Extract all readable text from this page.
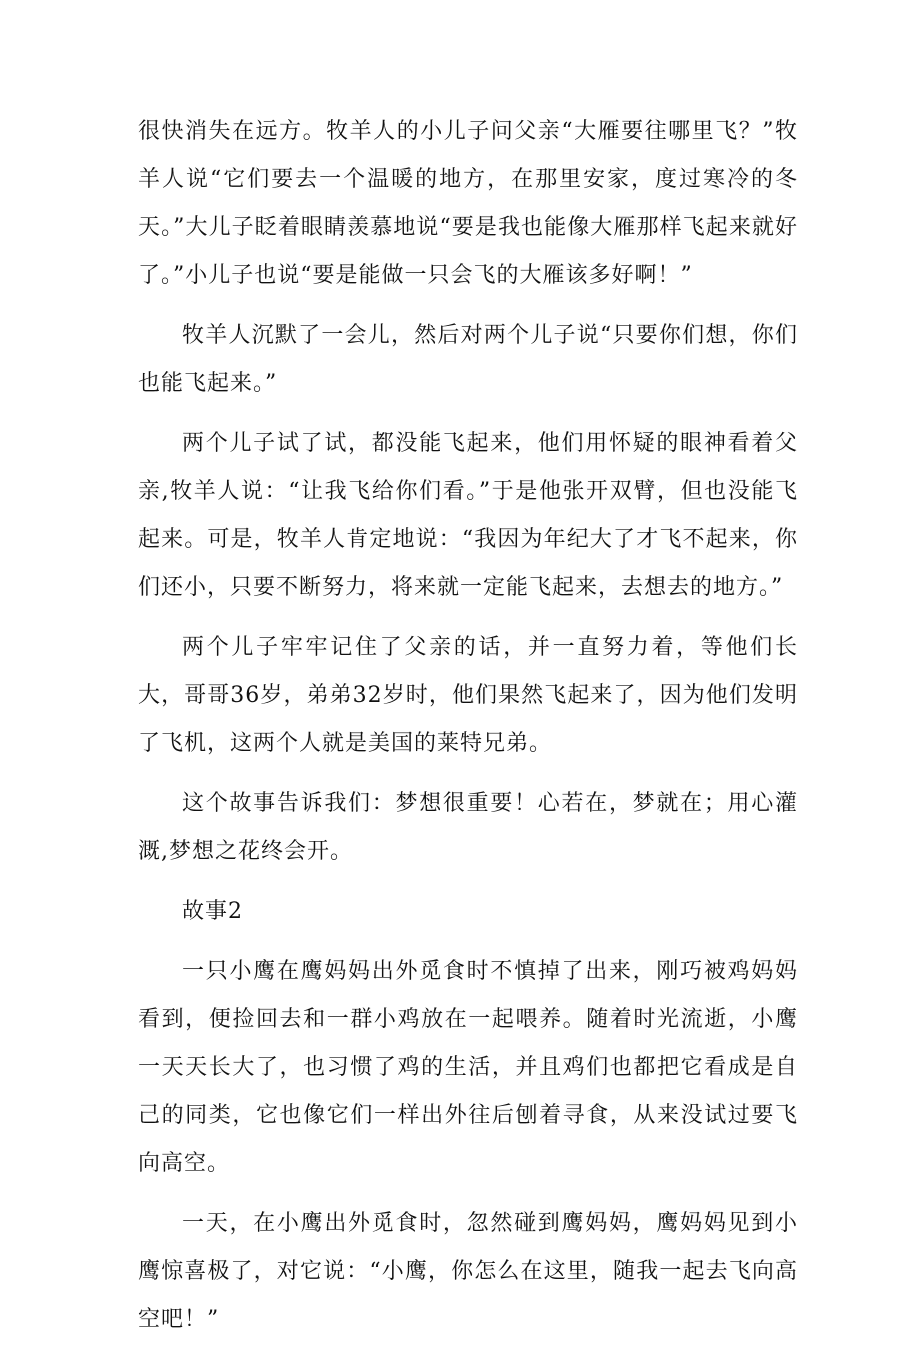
很快消失在远方。牧羊人的小儿子问父亲“大雁要往哪里飞？”牧羊人说“它们要去一个温暖的地方，在那里安家，度过寒冷的冬天。”大儿子眨着眼睛羡慕地说“要是我也能像大雁那样飞起来就好了。”小儿子也说“要是能做一只会飞的大雁该多好啊！”

牧羊人沉默了一会儿，然后对两个儿子说“只要你们想，你们也能飞起来。”

两个儿子试了试，都没能飞起来，他们用怀疑的眼神看着父亲,牧羊人说：“让我飞给你们看。”于是他张开双臂，但也没能飞起来。可是，牧羊人肯定地说：“我因为年纪大了才飞不起来，你们还小，只要不断努力，将来就一定能飞起来，去想去的地方。”

两个儿子牢牢记住了父亲的话，并一直努力着，等他们长大，哥哥36岁，弟弟32岁时，他们果然飞起来了，因为他们发明了飞机，这两个人就是美国的莱特兄弟。

这个故事告诉我们：梦想很重要！心若在，梦就在；用心灌溉,梦想之花终会开。

故事2

一只小鹰在鹰妈妈出外觅食时不慎掉了出来，刚巧被鸡妈妈看到，便捡回去和一群小鸡放在一起喂养。随着时光流逝，小鹰一天天长大了，也习惯了鸡的生活，并且鸡们也都把它看成是自己的同类，它也像它们一样出外往后刨着寻食，从来没试过要飞向高空。

一天，在小鹰出外觅食时，忽然碰到鹰妈妈，鹰妈妈见到小鹰惊喜极了，对它说：“小鹰，你怎么在这里，随我一起去飞向高空吧！”
